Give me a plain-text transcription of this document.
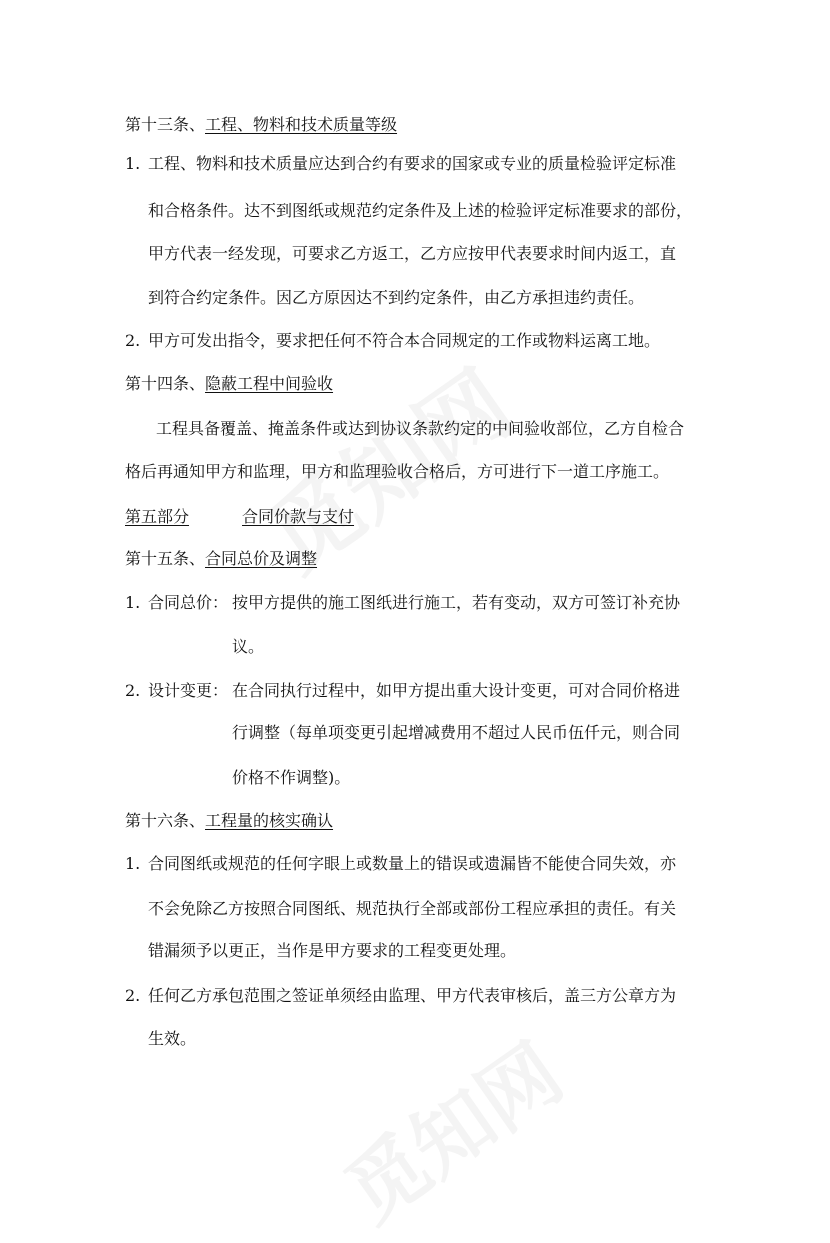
第十三条、工程、物料和技术质量等级
1. 工程、物料和技术质量应达到合约有要求的国家或专业的质量检验评定标准
和合格条件。达不到图纸或规范约定条件及上述的检验评定标准要求的部份，
甲方代表一经发现，可要求乙方返工，乙方应按甲代表要求时间内返工，直
到符合约定条件。因乙方原因达不到约定条件，由乙方承担违约责任。
2. 甲方可发出指令，要求把任何不符合本合同规定的工作或物料运离工地。
第十四条、隐蔽工程中间验收
工程具备覆盖、掩盖条件或达到协议条款约定的中间验收部位，乙方自检合
格后再通知甲方和监理，甲方和监理验收合格后，方可进行下一道工序施工。
第五部分	合同价款与支付
第十五条、合同总价及调整
1. 合同总价： 按甲方提供的施工图纸进行施工，若有变动，双方可签订补充协
议。
2. 设计变更： 在合同执行过程中，如甲方提出重大设计变更，可对合同价格进
行调整（每单项变更引起增减费用不超过人民币伍仟元，则合同
价格不作调整)。
第十六条、工程量的核实确认
1. 合同图纸或规范的任何字眼上或数量上的错误或遗漏皆不能使合同失效，亦
不会免除乙方按照合同图纸、规范执行全部或部份工程应承担的责任。有关
错漏须予以更正，当作是甲方要求的工程变更处理。
2. 任何乙方承包范围之签证单须经由监理、甲方代表审核后，盖三方公章方为
生效。
